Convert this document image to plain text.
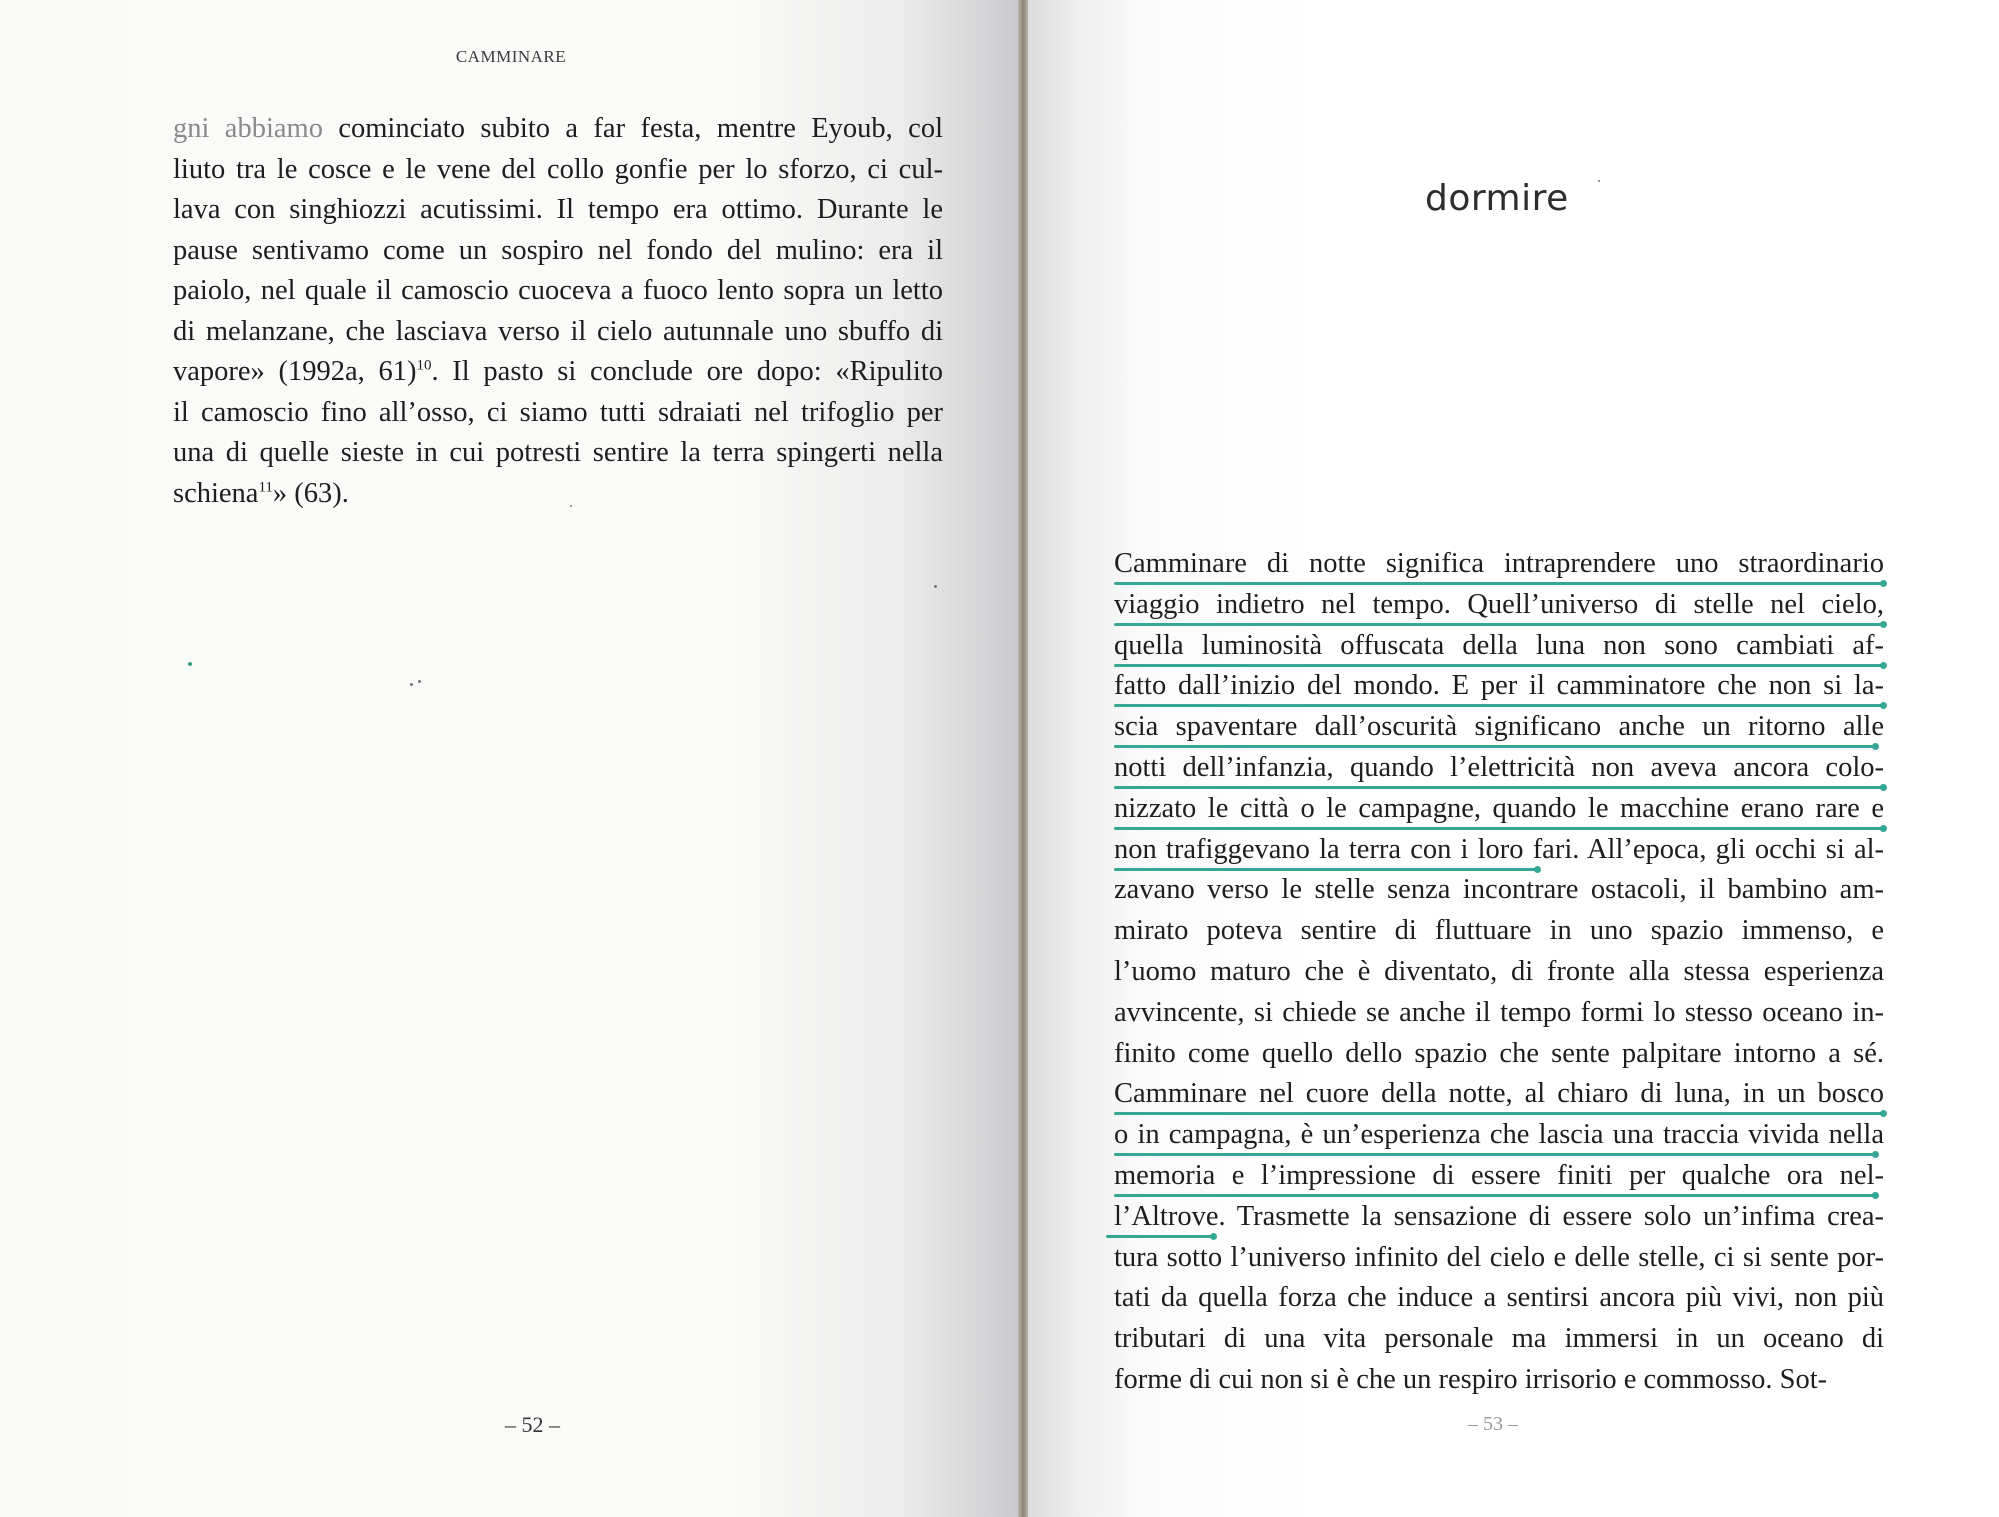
CAMMINARE
gni abbiamo cominciato subito a far festa, mentre Eyoub, col
liuto tra le cosce e le vene del collo gonfie per lo sforzo, ci cul-
lava con singhiozzi acutissimi. Il tempo era ottimo. Durante le
pause sentivamo come un sospiro nel fondo del mulino: era il
paiolo, nel quale il camoscio cuoceva a fuoco lento sopra un letto
di melanzane, che lasciava verso il cielo autunnale uno sbuffo di
vapore» (1992a, 61)$^{10}$. Il pasto si conclude ore dopo: «Ripulito
il camoscio fino all’osso, ci siamo tutti sdraiati nel trifoglio per
una di quelle sieste in cui potresti sentire la terra spingerti nella
schiena$^{11}$» (63).
– 52 –
dormire
– 53 –
Camminare di notte significa intraprendere uno straordinario
viaggio indietro nel tempo. Quell’universo di stelle nel cielo,
quella luminosità offuscata della luna non sono cambiati af-
fatto dall’inizio del mondo. E per il camminatore che non si la-
scia spaventare dall’oscurità significano anche un ritorno alle
notti dell’infanzia, quando l’elettricità non aveva ancora colo-
nizzato le città o le campagne, quando le macchine erano rare e
non trafiggevano la terra con i loro fari. All’epoca, gli occhi si al-
zavano verso le stelle senza incontrare ostacoli, il bambino am-
mirato poteva sentire di fluttuare in uno spazio immenso, e
l’uomo maturo che è diventato, di fronte alla stessa esperienza
avvincente, si chiede se anche il tempo formi lo stesso oceano in-
finito come quello dello spazio che sente palpitare intorno a sé.
Camminare nel cuore della notte, al chiaro di luna, in un bosco
o in campagna, è un’esperienza che lascia una traccia vivida nella
memoria e l’impressione di essere finiti per qualche ora nel-
l’Altrove. Trasmette la sensazione di essere solo un’infima crea-
tura sotto l’universo infinito del cielo e delle stelle, ci si sente por-
tati da quella forza che induce a sentirsi ancora più vivi, non più
tributari di una vita personale ma immersi in un oceano di
forme di cui non si è che un respiro irrisorio e commosso. Sot-
